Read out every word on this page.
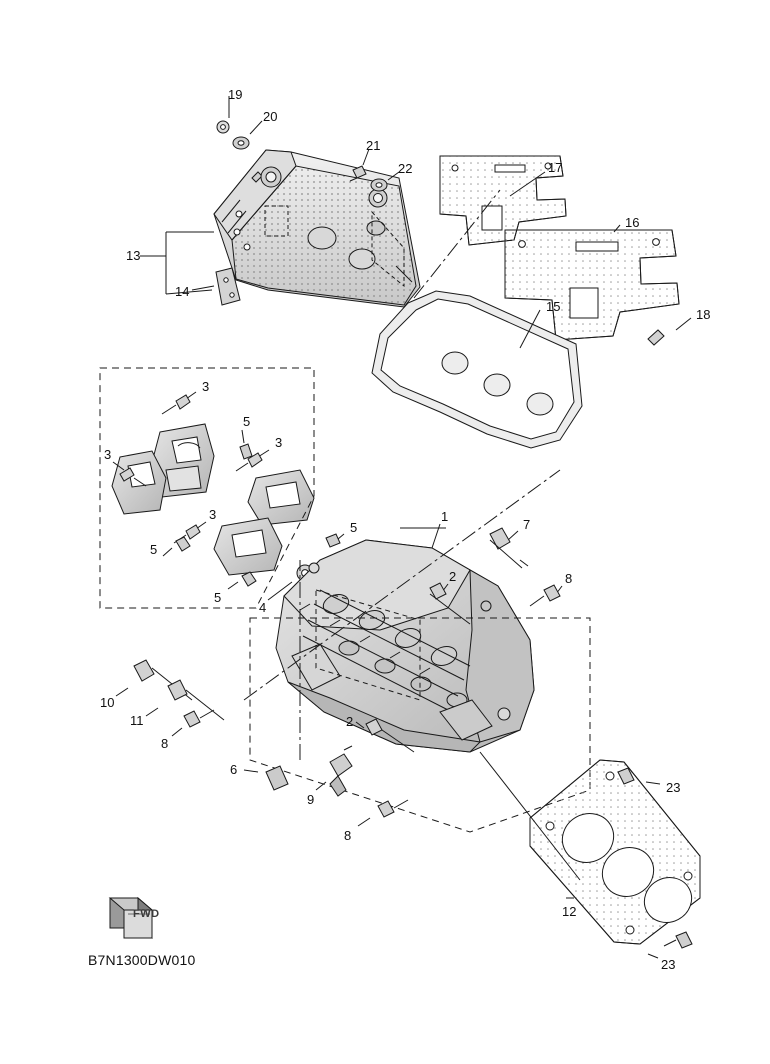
19
20
21
22	17
16
13
14
15
18
3
5
3
3
3	1
5	7
5
2	8
5
4
10
11	2
8
6
9
23
8
12
23
FWD
B7N1300DW010
